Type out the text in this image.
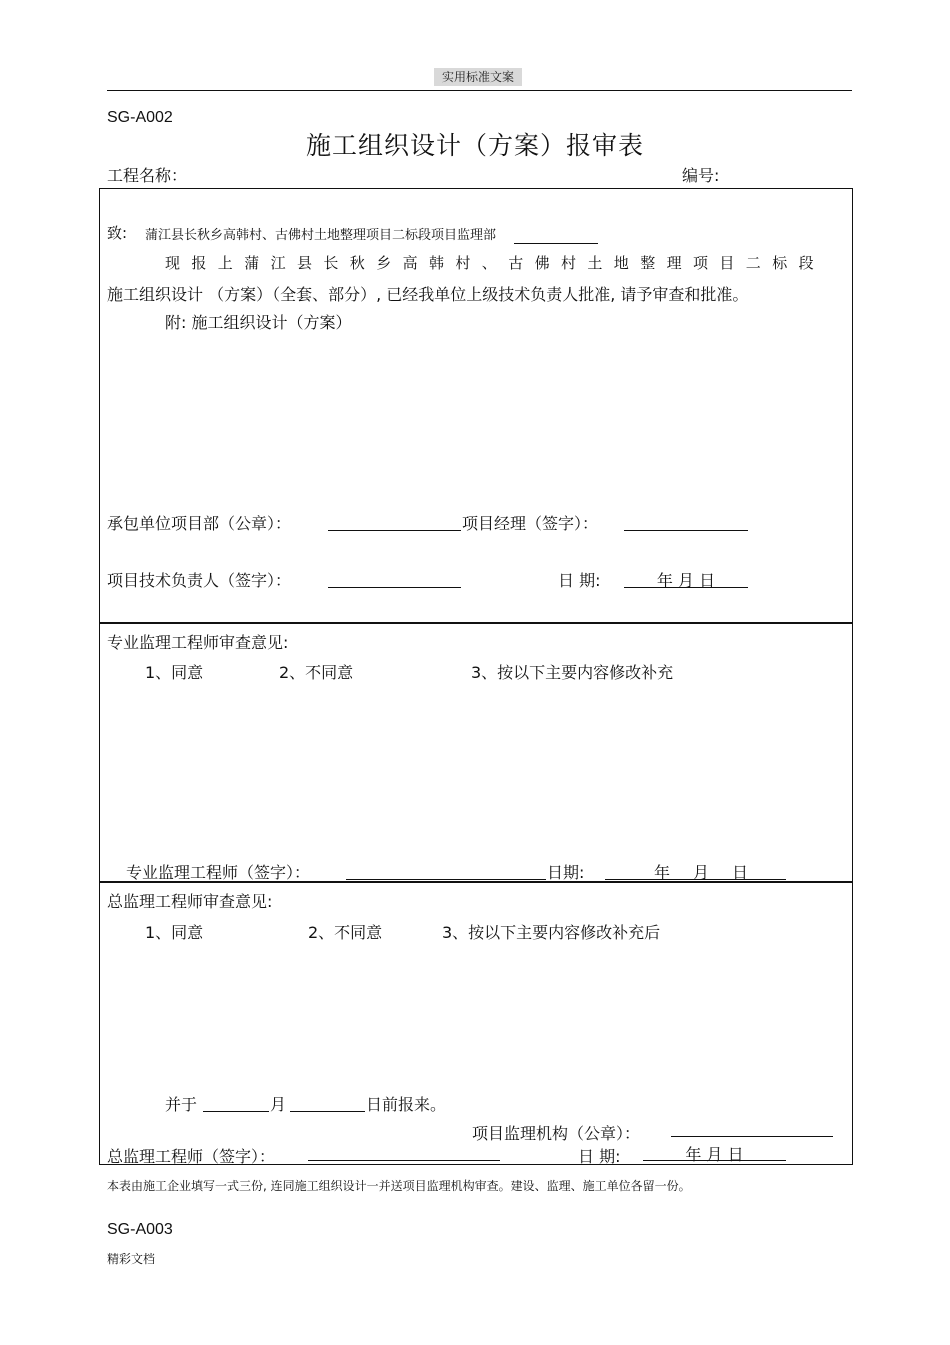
实用标准文案
SG-A002
施工组织设计（方案）报审表
工程名称：	编号:
致: 蒲江县长秋乡高韩村、古佛村土地整理项目二标段项目监理部
现报上蒲江县长秋乡高韩村、古佛村土地整理项目二标段
施工组织设计 （方案）（全套、部分）, 已经我单位上级技术负责人批准, 请予审查和批准。
附: 施工组织设计（方案）
承包单位项目部（公章）：	项目经理（签字）：
项目技术负责人（签字）：	日 期:	年 月 日
专业监理工程师审查意见:
1、同意	2、不同意	3、按以下主要内容修改补充
专业监理工程师（签字）：	日期:	年 月 日
总监理工程师审查意见:
1、同意	2、不同意	3、按以下主要内容修改补充后
并于	月	日前报来。
项目监理机构（公章）：
总监理工程师（签字）：	日 期:	年 月 日
本表由施工企业填写一式三份, 连同施工组织设计一并送项目监理机构审查。建设、监理、施工单位各留一份。
SG-A003
精彩文档
